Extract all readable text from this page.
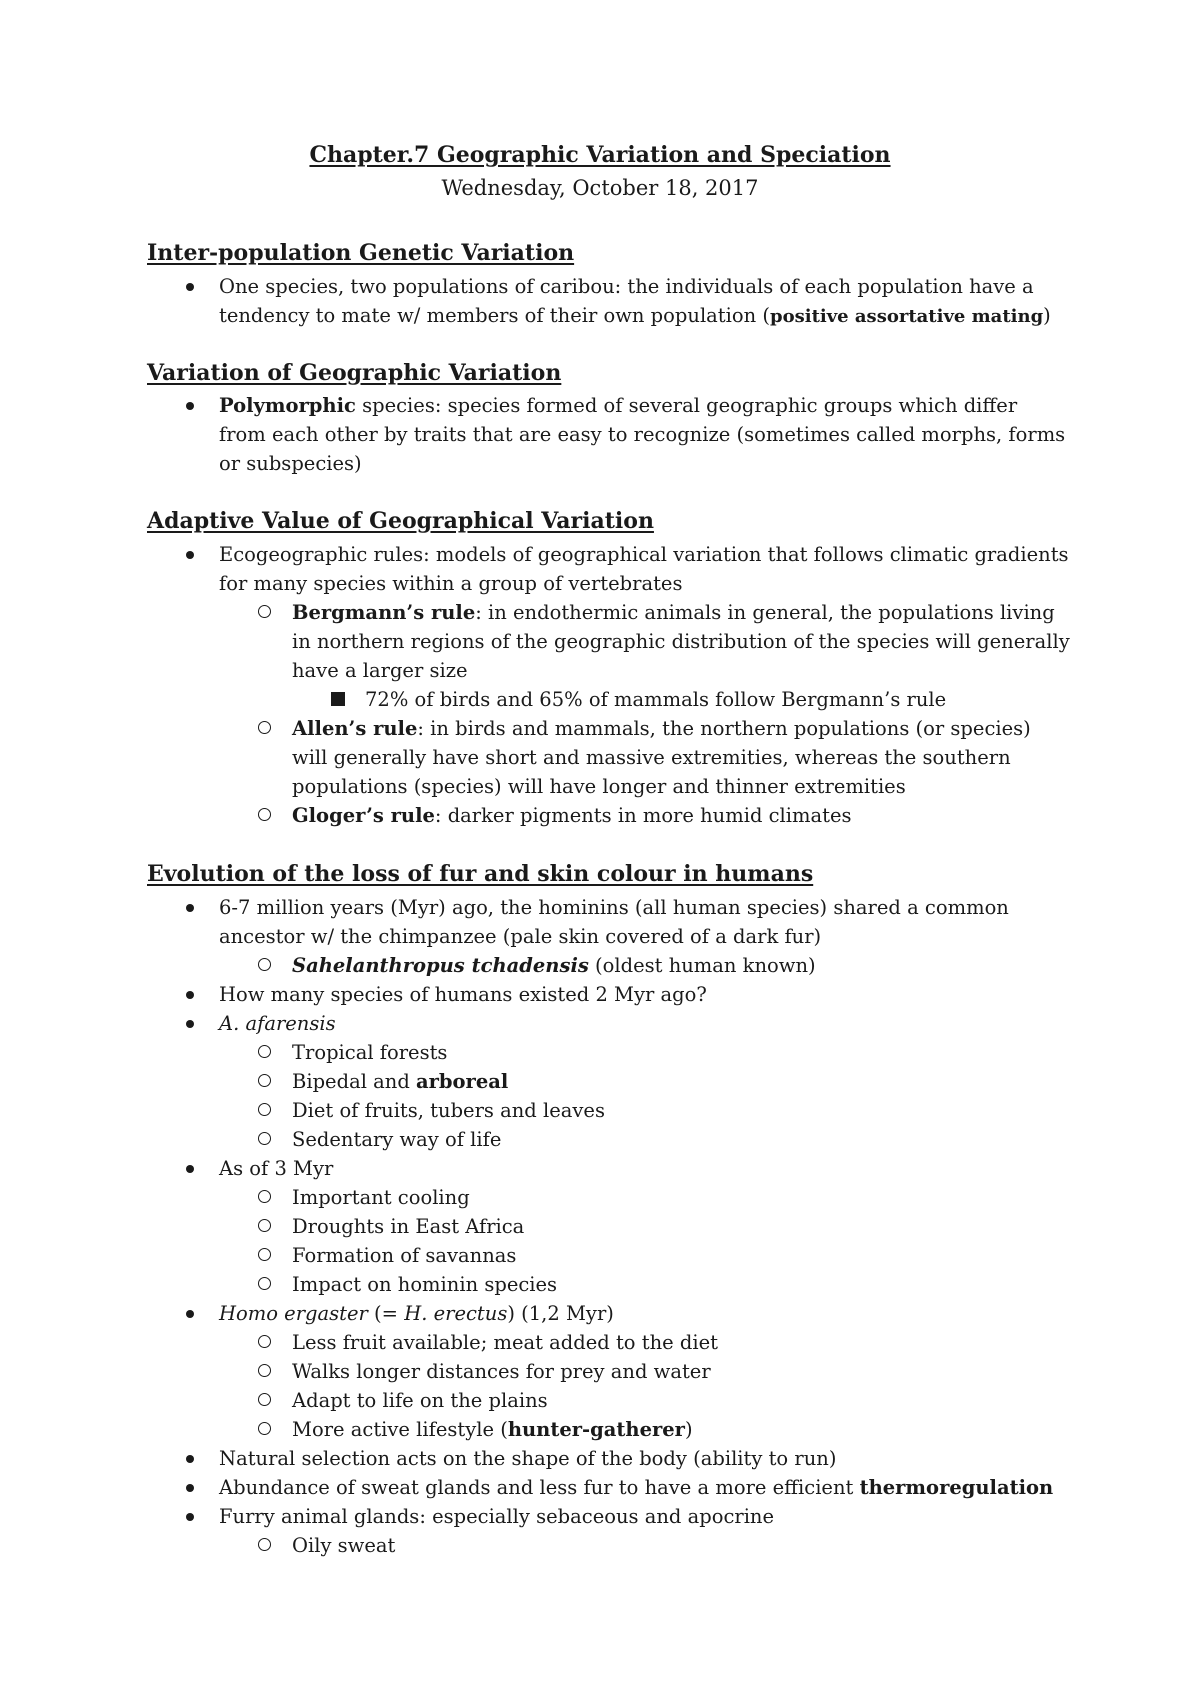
Chapter.7 Geographic Variation and Speciation
Wednesday, October 18, 2017
Inter-population Genetic Variation
One species, two populations of caribou: the individuals of each population have a
tendency to mate w/ members of their own population (positive assortative mating)
Variation of Geographic Variation
Polymorphic species: species formed of several geographic groups which differ
from each other by traits that are easy to recognize (sometimes called morphs, forms
or subspecies)
Adaptive Value of Geographical Variation
Ecogeographic rules: models of geographical variation that follows climatic gradients
for many species within a group of vertebrates
Bergmann’s rule: in endothermic animals in general, the populations living
in northern regions of the geographic distribution of the species will generally
have a larger size
72% of birds and 65% of mammals follow Bergmann’s rule
Allen’s rule: in birds and mammals, the northern populations (or species)
will generally have short and massive extremities, whereas the southern
populations (species) will have longer and thinner extremities
Gloger’s rule: darker pigments in more humid climates
Evolution of the loss of fur and skin colour in humans
6-7 million years (Myr) ago, the hominins (all human species) shared a common
ancestor w/ the chimpanzee (pale skin covered of a dark fur)
Sahelanthropus tchadensis (oldest human known)
How many species of humans existed 2 Myr ago?
A. afarensis
Tropical forests
Bipedal and arboreal
Diet of fruits, tubers and leaves
Sedentary way of life
As of 3 Myr
Important cooling
Droughts in East Africa
Formation of savannas
Impact on hominin species
Homo ergaster (= H. erectus) (1,2 Myr)
Less fruit available; meat added to the diet
Walks longer distances for prey and water
Adapt to life on the plains
More active lifestyle (hunter-gatherer)
Natural selection acts on the shape of the body (ability to run)
Abundance of sweat glands and less fur to have a more efficient thermoregulation
Furry animal glands: especially sebaceous and apocrine
Oily sweat
